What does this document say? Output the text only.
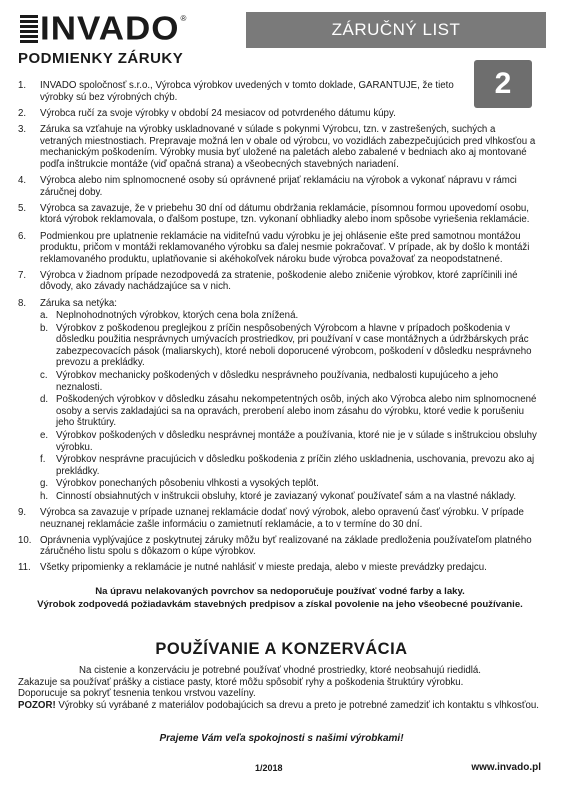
INVADO ®
ZÁRUČNÝ LIST
PODMIENKY ZÁRUKY
2
1.	INVADO spoločnosť s.r.o., Výrobca výrobkov uvedených v tomto doklade, GARANTUJE, že tieto výrobky sú bez výrobných chýb.
2.	Výrobca ručí za svoje výrobky v období 24 mesiacov od potvrdeného dátumu kúpy.
3.	Záruka sa vzťahuje na výrobky uskladnované v súlade s pokynmi Výrobcu, tzn. v zastrešených, suchých a vetraných miestnostiach. Prepravaje možná len v obale od výrobcu, vo vozidlách zabezpečujúcich pred vlhkosťou a mechanickým poškodením. Výrobky musia byť uložené na paletách alebo zabalené v bedniach ako aj montované podľa inštrukcie montáže (viď opačná strana) a všeobecných stavebných nariadení.
4.	Výrobca alebo nim splnomocnené osoby sú oprávnené prijať reklamáciu na výrobok a vykonať nápravu v rámci záručnej doby.
5.	Výrobca sa zavazuje, že v priebehu 30 dní od dátumu obdržania reklamácie, písomnou formou upovedomí osobu, ktorá výrobok reklamovala, o ďalšom postupe, tzn. vykonaní obhliadky alebo inom spôsobe vyriešenia reklamácie.
6.	Podmienkou pre uplatnenie reklamácie na viditeľnú vadu výrobku je jej ohlásenie ešte pred samotnou montážou produktu, pričom v montáži reklamovaného výrobku sa ďalej nesmie pokračovať. V prípade, ak by došlo k montáži reklamovaného produktu, uplatňovanie si akéhokoľvek nároku bude výrobca považovať za neopodstatnené.
7.	Výrobca v žiadnom prípade nezodpovedá za stratenie, poškodenie alebo zničenie výrobkov, ktoré zapríčinili iné dôvody, ako závady nachádzajúce sa v nich.
8.	Záruka sa netýka:
a. Neplnohodnotných výrobkov, ktorých cena bola znížená.
b. Výrobkov z poškodenou preglejkou z príčin nespôsobených Výrobcom a hlavne v prípadoch poškodenia v dôsledku použitia nesprávnych umývacích prostriedkov, pri používaní v case montážnych a údržbárskych prác zabezpecovacích pások (maliarskych), ktoré neboli doporucené výrobcom, poškodení v dôsledku nesprávneho prevozu a prekládky.
c. Výrobkov mechanicky poškodených v dôsledku nesprávneho používania, nedbalosti kupujúceho a jeho neznalosti.
d. Poškodených výrobkov v dôsledku zásahu nekompetentných osôb, iných ako Výrobca alebo nim splnomocnené osoby a servis zakladajúci sa na opravách, prerobení alebo inom zásahu do výrobku, ktoré vedie k porušeniu jeho štruktúry.
e. Výrobkov poškodených v dôsledku nesprávnej montáže a používania, ktoré nie je v súlade s inštrukciou obsluhy výrobku.
f.	Výrobkov nesprávne pracujúcich v dôsledku poškodenia z príčin zlého uskladnenia, uschovania, prevozu ako aj prekládky.
g. Výrobkov ponechaných pôsobeniu vlhkosti a vysokých teplôt.
h. Cinností obsiahnutých v inštrukcii obsluhy, ktoré je zaviazaný vykonať používateľ sám a na vlastné náklady.
9.	Výrobca sa zavazuje v prípade uznanej reklamácie dodať nový výrobok, alebo opravenú časť výrobku. V prípade neuznanej reklamácie zašle informáciu o zamietnutí reklamácie, a to v termíne do 30 dní.
10. Oprávnenia vyplývajúce z poskytnutej záruky môžu byť realizované na základe predloženia používateľom platného záručného listu spolu s dôkazom o kúpe výrobkov.
11. Všetky pripomienky a reklamácie je nutné nahlásiť v mieste predaja, alebo v mieste prevádzky predajcu.
Na úpravu nelakovaných povrchov sa nedoporučuje používať vodné farby a laky.
Výrobok zodpovedá požiadavkám stavebných predpisov a získal povolenie na jeho všeobecné používanie.
POUŽÍVANIE A KONZERVÁCIA

Na cistenie a konzerváciu je potrebné používať vhodné prostriedky, ktoré neobsahujú riedidlá.

Zakazuje sa používať prášky a cistiace pasty, ktoré môžu spôsobiť ryhy a poškodenia štruktúry výrobku.

Doporucuje sa pokryť tesnenia tenkou vrstvou vazelíny.

POZOR! Výrobky sú vyrábané z materiálov podobajúcich sa drevu a preto je potrebné zamedziť ich kontaktu s vlhkosťou.

Prajeme Vám veľa spokojnosti s našimi výrobkami!
1/2018	www.invado.pl
